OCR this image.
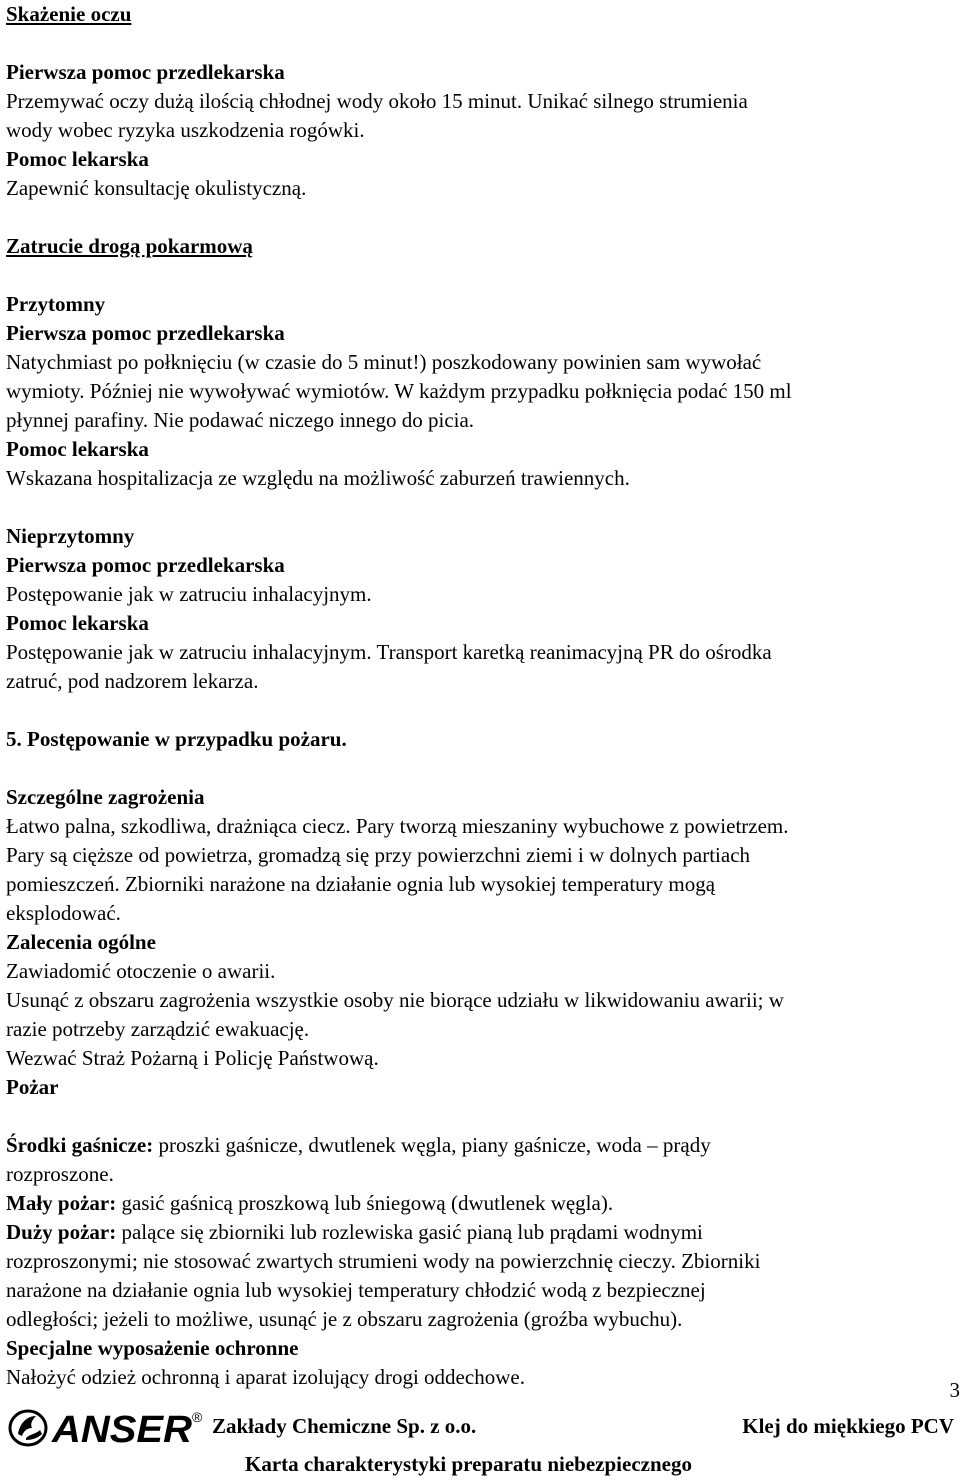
Skażenie oczu
Pierwsza pomoc przedlekarska
Przemywać oczy dużą ilością chłodnej wody około 15 minut. Unikać silnego strumienia
wody wobec ryzyka uszkodzenia rogówki.
Pomoc lekarska
Zapewnić konsultację okulistyczną.
Zatrucie drogą pokarmową
Przytomny
Pierwsza pomoc przedlekarska
Natychmiast po połknięciu (w czasie do 5 minut!) poszkodowany powinien sam wywołać
wymioty. Później nie wywoływać wymiotów. W każdym przypadku połknięcia podać 150 ml
płynnej parafiny. Nie podawać niczego innego do picia.
Pomoc lekarska
Wskazana hospitalizacja ze względu na możliwość zaburzeń trawiennych.
Nieprzytomny
Pierwsza pomoc przedlekarska
Postępowanie jak w zatruciu inhalacyjnym.
Pomoc lekarska
Postępowanie jak w zatruciu inhalacyjnym. Transport karetką reanimacyjną PR do ośrodka
zatruć, pod nadzorem lekarza.
5. Postępowanie w przypadku pożaru.
Szczególne zagrożenia
Łatwo palna, szkodliwa, drażniąca ciecz. Pary tworzą mieszaniny wybuchowe z powietrzem.
Pary są cięższe od powietrza, gromadzą się przy powierzchni ziemi i w dolnych partiach
pomieszczeń. Zbiorniki narażone na działanie ognia lub wysokiej temperatury mogą
eksplodować.
Zalecenia ogólne
Zawiadomić otoczenie o awarii.
Usunąć z obszaru zagrożenia wszystkie osoby nie biorące udziału w likwidowaniu awarii; w
razie potrzeby zarządzić ewakuację.
Wezwać Straż Pożarną i Policję Państwową.
Pożar
Środki gaśnicze: proszki gaśnicze, dwutlenek węgla, piany gaśnicze, woda – prądy
rozproszone.
Mały pożar: gasić gaśnicą proszkową lub śniegową (dwutlenek węgla).
Duży pożar: palące się zbiorniki lub rozlewiska gasić pianą lub prądami wodnymi
rozproszonymi; nie stosować zwartych strumieni wody na powierzchnię cieczy. Zbiorniki
narażone na działanie ognia lub wysokiej temperatury chłodzić wodą z bezpiecznej
odległości; jeżeli to możliwe, usunąć je z obszaru zagrożenia (groźba wybuchu).
Specjalne wyposażenie ochronne
Nałożyć odzież ochronną i aparat izolujący drogi oddechowe.
3
ANSER ® Zakłady Chemiczne Sp. z o.o.	Klej do miękkiego PCV
Karta charakterystyki preparatu niebezpiecznego
